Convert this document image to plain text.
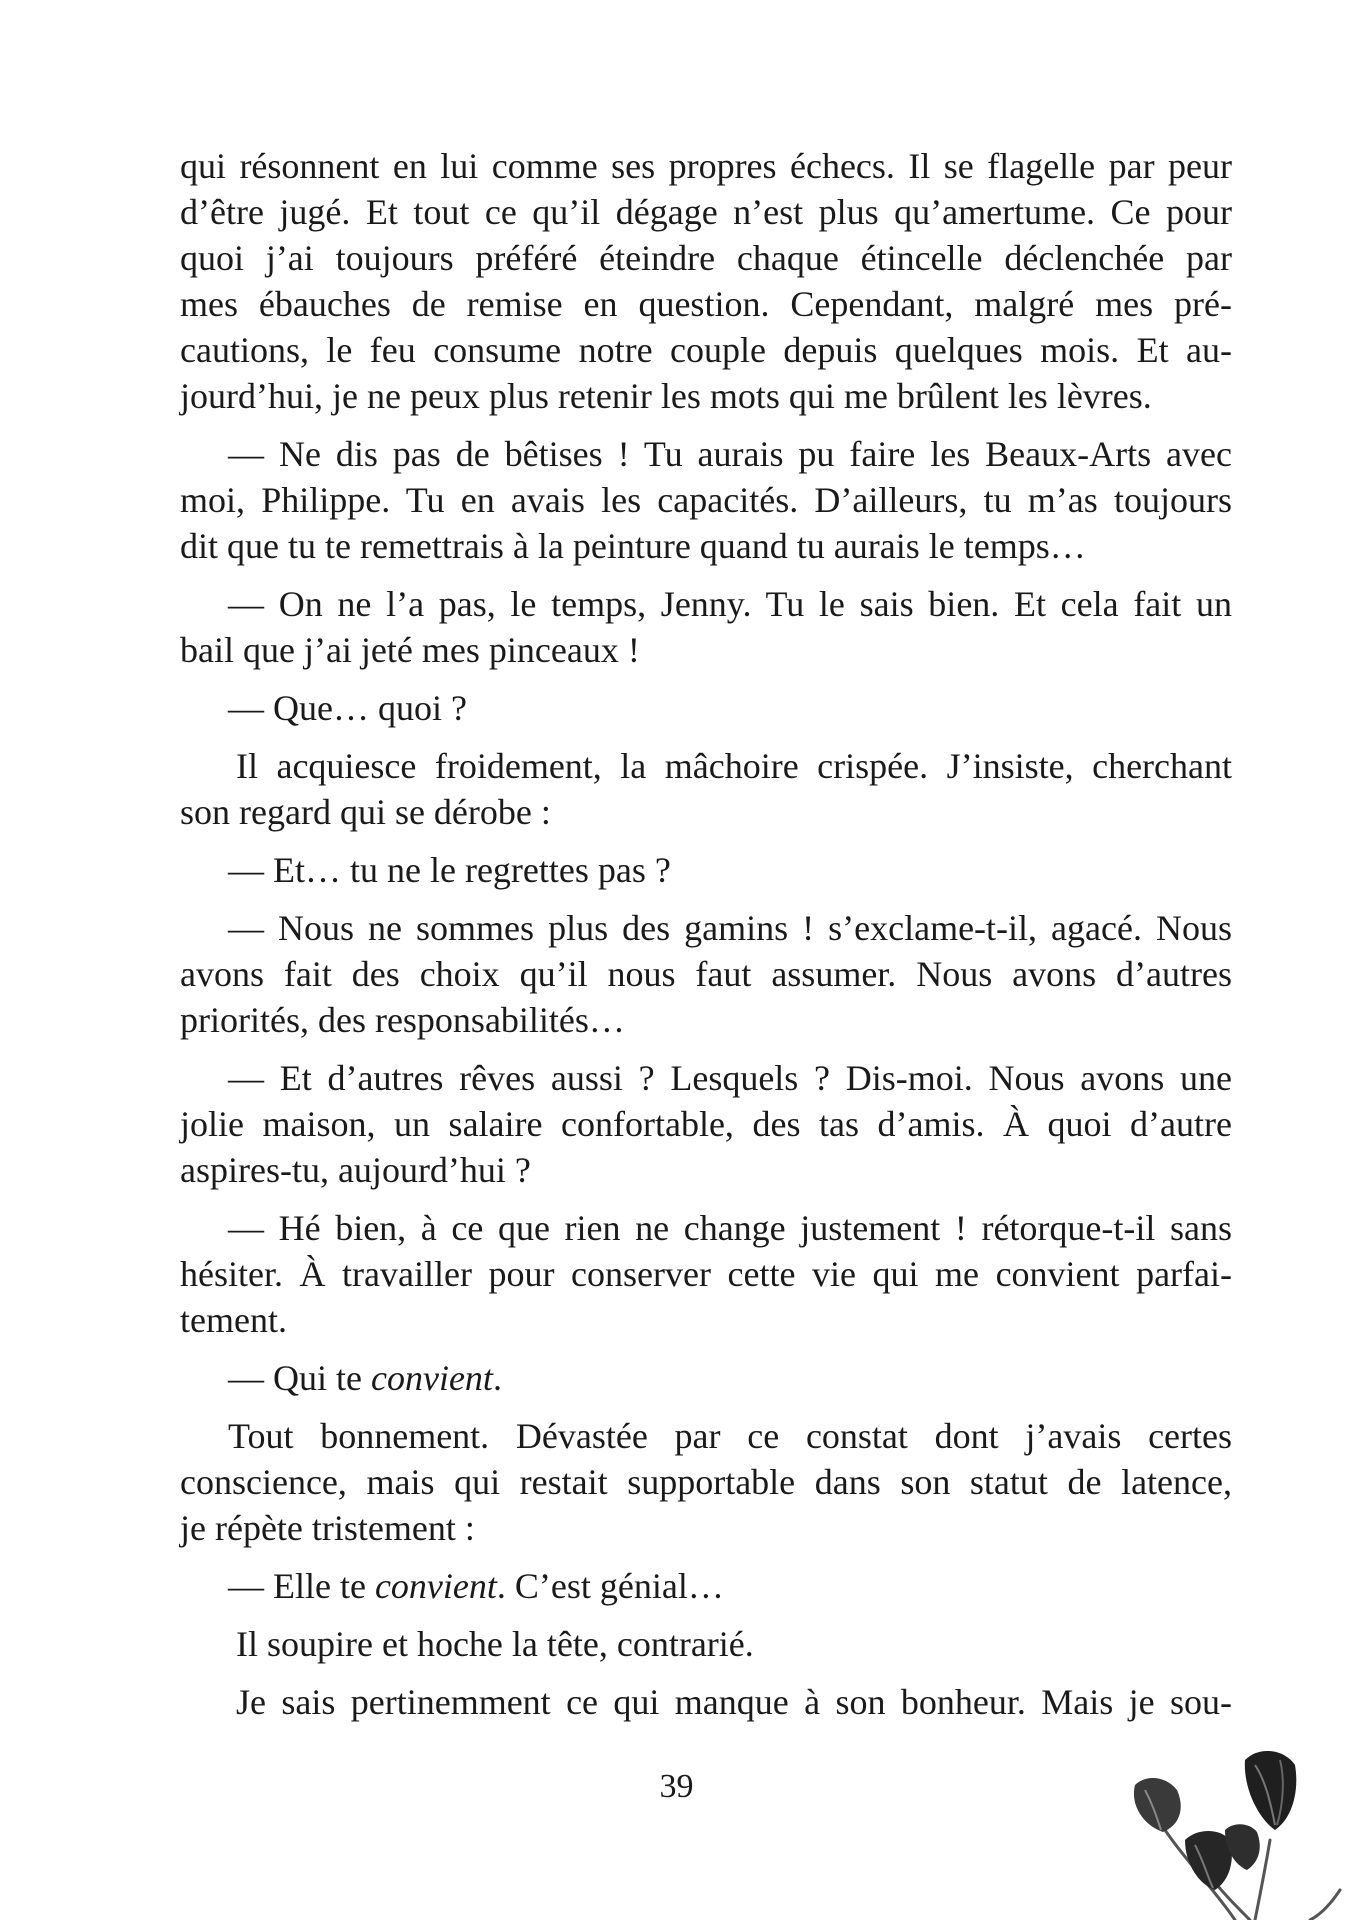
qui résonnent en lui comme ses propres échecs. Il se flagelle par peur
d’être jugé. Et tout ce qu’il dégage n’est plus qu’amertume. Ce pour
quoi j’ai toujours préféré éteindre chaque étincelle déclenchée par
mes ébauches de remise en question. Cependant, malgré mes pré-
cautions, le feu consume notre couple depuis quelques mois. Et au-
jourd’hui, je ne peux plus retenir les mots qui me brûlent les lèvres.
— Ne dis pas de bêtises ! Tu aurais pu faire les Beaux-Arts avec
moi, Philippe. Tu en avais les capacités. D’ailleurs, tu m’as toujours
dit que tu te remettrais à la peinture quand tu aurais le temps…
— On ne l’a pas, le temps, Jenny. Tu le sais bien. Et cela fait un
bail que j’ai jeté mes pinceaux !
— Que… quoi ?
Il acquiesce froidement, la mâchoire crispée. J’insiste, cherchant
son regard qui se dérobe :
— Et… tu ne le regrettes pas ?
— Nous ne sommes plus des gamins ! s’exclame-t-il, agacé. Nous
avons fait des choix qu’il nous faut assumer. Nous avons d’autres
priorités, des responsabilités…
— Et d’autres rêves aussi ? Lesquels ? Dis-moi. Nous avons une
jolie maison, un salaire confortable, des tas d’amis. À quoi d’autre
aspires-tu, aujourd’hui ?
— Hé bien, à ce que rien ne change justement ! rétorque-t-il sans
hésiter. À travailler pour conserver cette vie qui me convient parfai-
tement.
— Qui te convient.
Tout bonnement. Dévastée par ce constat dont j’avais certes
conscience, mais qui restait supportable dans son statut de latence,
je répète tristement :
— Elle te convient. C’est génial…
Il soupire et hoche la tête, contrarié.
Je sais pertinemment ce qui manque à son bonheur. Mais je sou-
39
